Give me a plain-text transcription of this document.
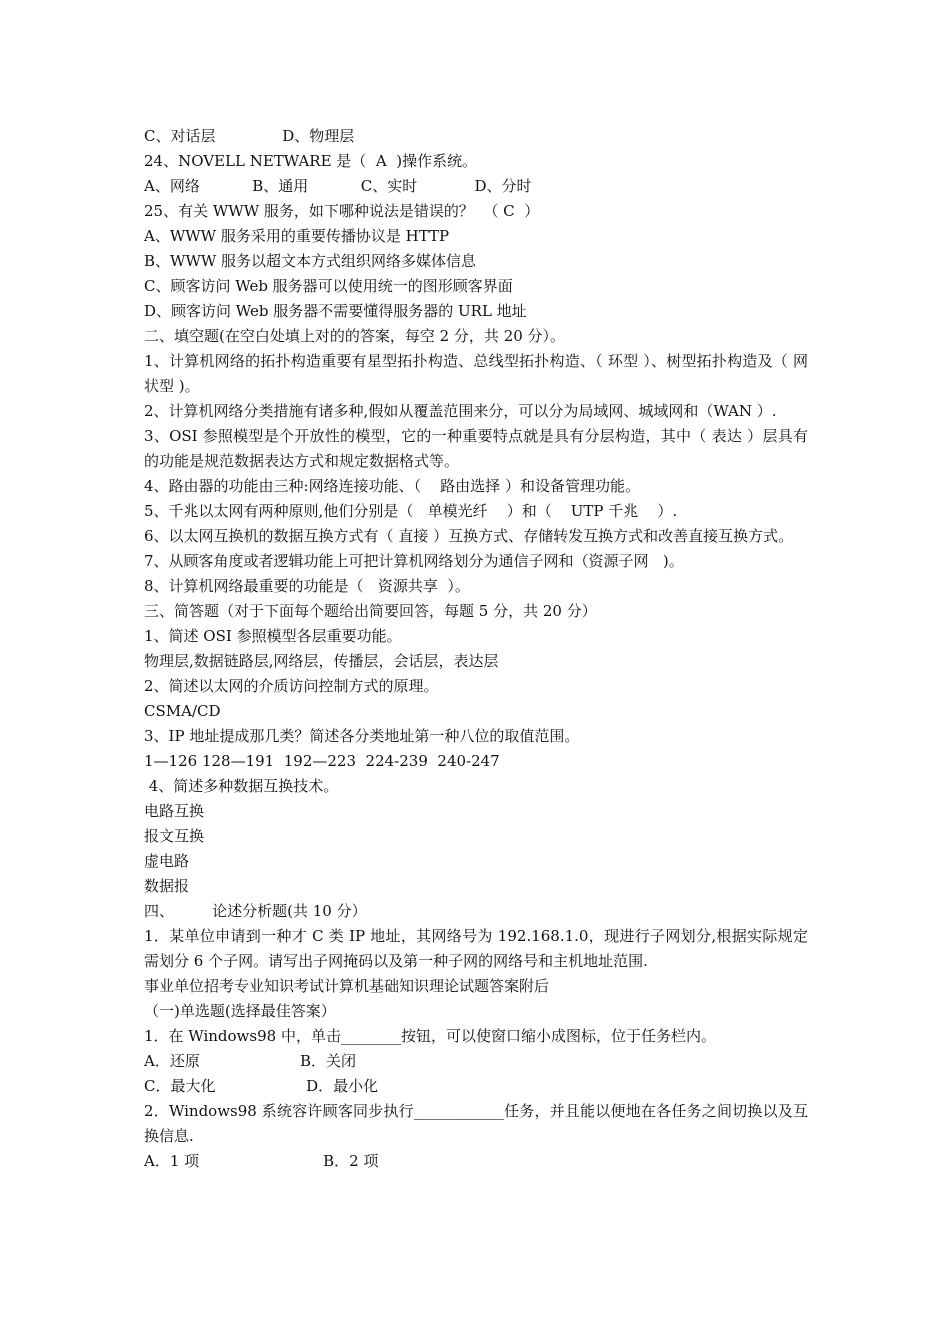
C、对话层              D、物理层
24、NOVELL NETWARE 是（  A  )操作系统。
A、网络           B、通用           C、实时            D、分时
25、有关 WWW 服务，如下哪种说法是错误的？  （ C  ）
A、WWW 服务采用的重要传播协议是 HTTP
B、WWW 服务以超文本方式组织网络多媒体信息
C、顾客访问 Web 服务器可以使用统一的图形顾客界面
D、顾客访问 Web 服务器不需要懂得服务器的 URL 地址
二、填空题(在空白处填上对的的答案，每空 2 分，共 20 分）。
1、计算机网络的拓扑构造重要有星型拓扑构造、总线型拓扑构造、（ 环型 ）、树型拓扑构造及（ 网状型 )。
2、计算机网络分类措施有诸多种,假如从覆盖范围来分，可以分为局域网、城域网和（WAN ）.
3、OSI 参照模型是个开放性的模型，它的一种重要特点就是具有分层构造，其中（ 表达 ）层具有的功能是规范数据表达方式和规定数据格式等。
4、路由器的功能由三种:网络连接功能、（    路由选择 ）和设备管理功能。
5、千兆以太网有两种原则,他们分别是（   单模光纤    ）和（    UTP 千兆    ）.
6、以太网互换机的数据互换方式有（ 直接 ）互换方式、存储转发互换方式和改善直接互换方式。
7、从顾客角度或者逻辑功能上可把计算机网络划分为通信子网和（资源子网   )。
8、计算机网络最重要的功能是（   资源共享  ）。
三、简答题（对于下面每个题给出简要回答，每题 5 分，共 20 分）
1、简述 OSI 参照模型各层重要功能。
物理层,数据链路层,网络层，传播层，会话层，表达层
2、简述以太网的介质访问控制方式的原理。
CSMA/CD
3、IP 地址提成那几类？简述各分类地址第一种八位的取值范围。
1—126 128—191  192—223  224-239  240-247
4、简述多种数据互换技术。
电路互换
报文互换
虚电路
数据报
四、        论述分析题(共 10 分）
1．某单位申请到一种才 C 类 IP 地址，其网络号为 192.168.1.0，现进行子网划分,根据实际规定需划分 6 个子网。请写出子网掩码以及第一种子网的网络号和主机地址范围.
事业单位招考专业知识考试计算机基础知识理论试题答案附后
（一)单选题(选择最佳答案）
1．在 Windows98 中，单击________按钮，可以使窗口缩小成图标，位于任务栏内。
A．还原                     B．关闭
C．最大化                   D．最小化
2．Windows98 系统容许顾客同步执行____________任务，并且能以便地在各任务之间切换以及互换信息.
A．1 项                          B．2 项
